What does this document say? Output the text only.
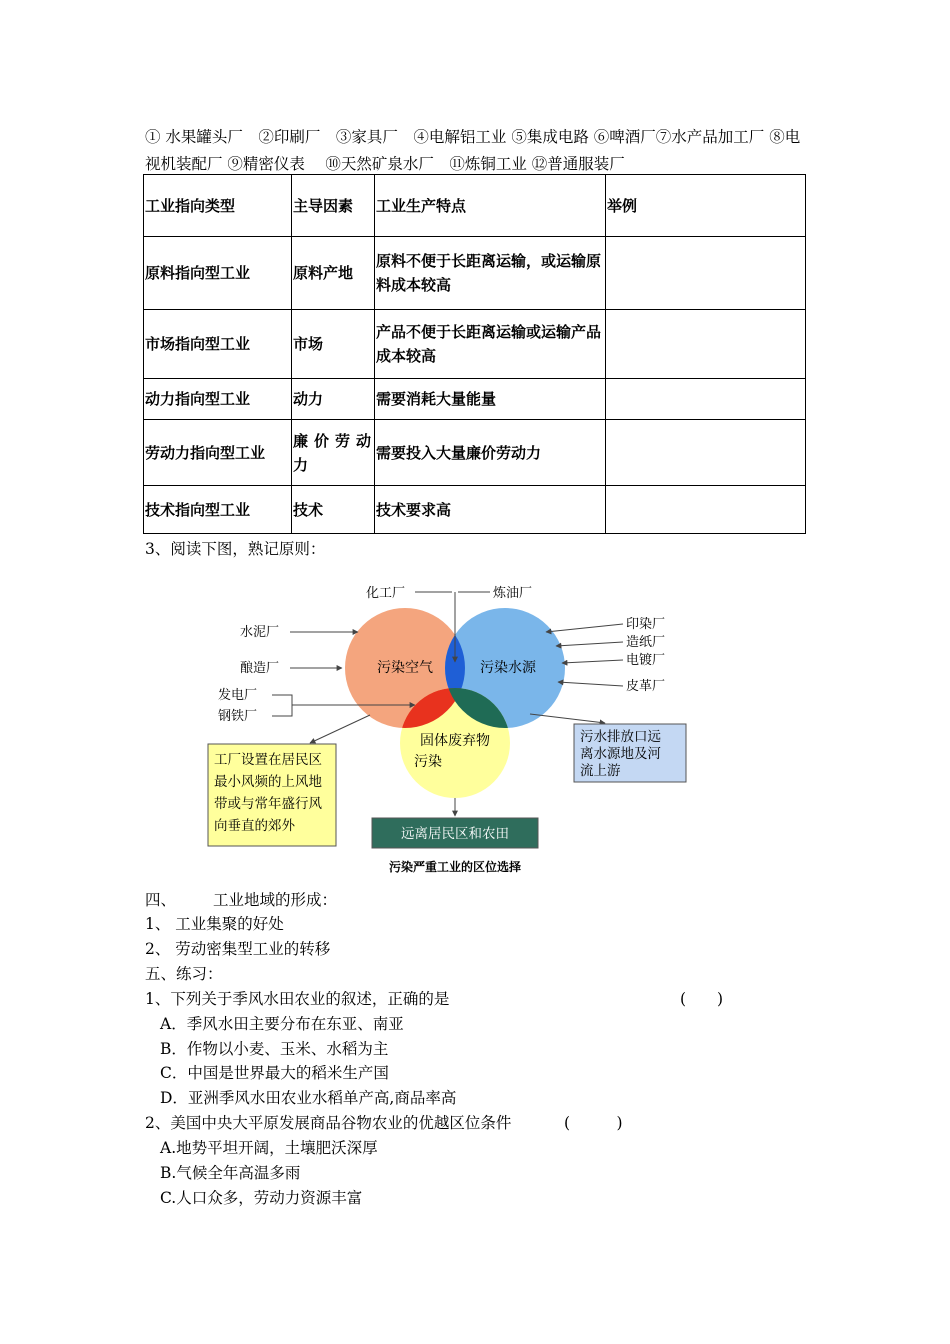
① 水果罐头厂　②印刷厂　③家具厂　④电解铝工业 ⑤集成电路 ⑥啤酒厂⑦水产品加工厂 ⑧电视机装配厂 ⑨精密仪表　 ⑩天然矿泉水厂　⑪炼铜工业 ⑫普通服装厂
工业指向类型	主导因素	工业生产特点	举例
原料指向型工业	原料产地	原料不便于长距离运输，或运输原料成本较高	
市场指向型工业	市场	产品不便于长距离运输或运输产品成本较高	
动力指向型工业	动力	需要消耗大量能量	
劳动力指向型工业	廉价劳动力	需要投入大量廉价劳动力	
技术指向型工业	技术	技术要求高	
3、阅读下图，熟记原则：
污染空气	污染水源
固体废弃物
污染
化工厂	炼油厂
水泥厂
酿造厂
发电厂
钢铁厂
印染厂
造纸厂
电镀厂
皮革厂
工厂设置在居民区
最小风频的上风地
带或与常年盛行风
向垂直的郊外
污水排放口远
离水源地及河
流上游
远离居民区和农田
污染严重工业的区位选择
四、 工业地域的形成：
1、 工业集聚的好处
2、 劳动密集型工业的转移
五、练习：
1、下列关于季风水田农业的叙述，正确的是	(　　)
A．季风水田主要分布在东亚、南亚
B．作物以小麦、玉米、水稻为主
C．中国是世界最大的稻米生产国
D．亚洲季风水田农业水稻单产高,商品率高
2、美国中央大平原发展商品谷物农业的优越区位条件	(　　　)
A.地势平坦开阔，土壤肥沃深厚
B.气候全年高温多雨
C.人口众多，劳动力资源丰富
